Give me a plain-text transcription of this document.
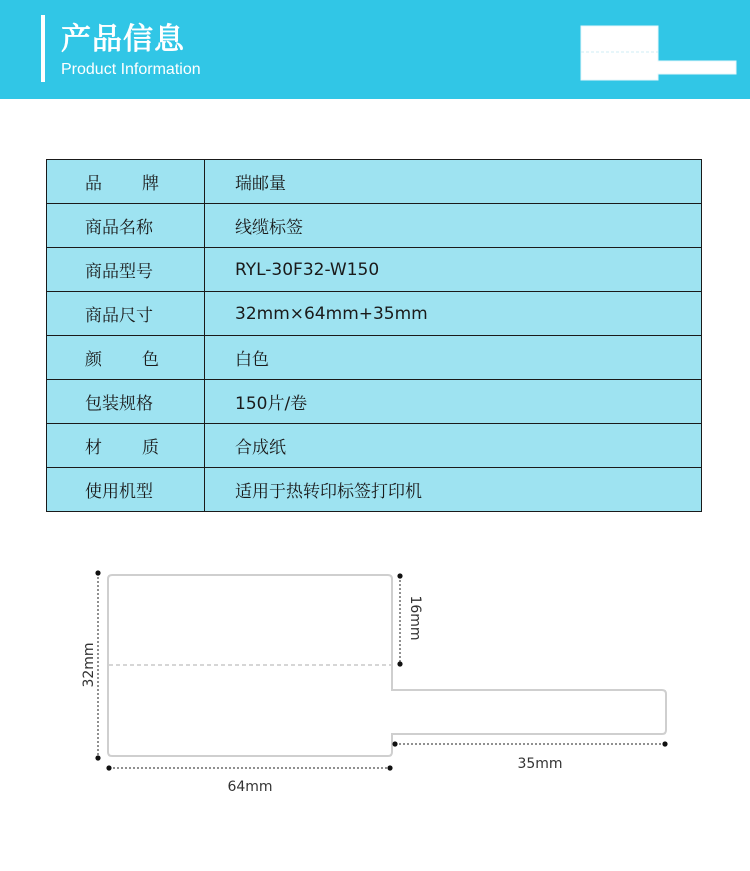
产品信息
Product Information
品 牌	瑞邮量
商品名称	线缆标签
商品型号	RYL-30F32-W150
商品尺寸	32mm×64mm+35mm

颜 色	白色
包装规格	150片/卷

材 质	合成纸
使用机型	适用于热转印标签打印机
32mm
16mm
64mm
35mm
